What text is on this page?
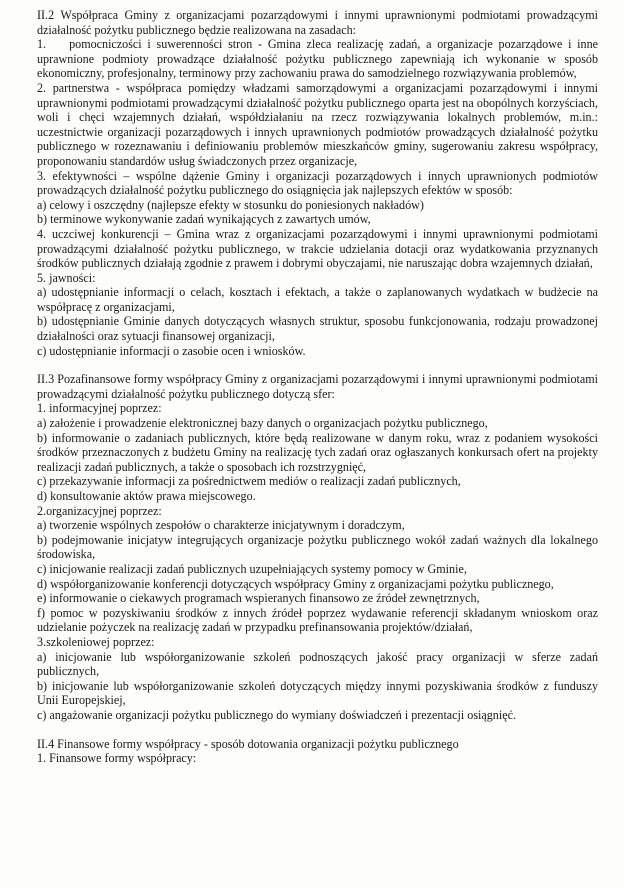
II.2 Współpraca Gminy z organizacjami pozarządowymi i innymi uprawnionymi podmiotami prowadzącymi działalność pożytku publicznego będzie realizowana na zasadach:

1. pomocniczości i suwerenności stron - Gmina zleca realizację zadań, a organizacje pozarządowe i inne uprawnione podmioty prowadzące działalność pożytku publicznego zapewniają ich wykonanie w sposób ekonomiczny, profesjonalny, terminowy przy zachowaniu prawa do samodzielnego rozwiązywania problemów,

2. partnerstwa - współpraca pomiędzy władzami samorządowymi a organizacjami pozarządowymi i innymi uprawnionymi podmiotami prowadzącymi działalność pożytku publicznego oparta jest na obopólnych korzyściach, woli i chęci wzajemnych działań, współdziałaniu na rzecz rozwiązywania lokalnych problemów, m.in.: uczestnictwie organizacji pozarządowych i innych uprawnionych podmiotów prowadzących działalność pożytku publicznego w rozeznawaniu i definiowaniu problemów mieszkańców gminy, sugerowaniu zakresu współpracy, proponowaniu standardów usług świadczonych przez organizacje,

3. efektywności – wspólne dążenie Gminy i organizacji pozarządowych i innych uprawnionych podmiotów prowadzących działalność pożytku publicznego do osiągnięcia jak najlepszych efektów w sposób:

a) celowy i oszczędny (najlepsze efekty w stosunku do poniesionych nakładów)

b) terminowe wykonywanie zadań wynikających z zawartych umów,

4. uczciwej konkurencji – Gmina wraz z organizacjami pozarządowymi i innymi uprawnionymi podmiotami prowadzącymi działalność pożytku publicznego, w trakcie udzielania dotacji oraz wydatkowania przyznanych środków publicznych działają zgodnie z prawem i dobrymi obyczajami, nie naruszając dobra wzajemnych działań,

5. jawności:

a) udostępnianie informacji o celach, kosztach i efektach, a także o zaplanowanych wydatkach w budżecie na współpracę z organizacjami,

b) udostępnianie Gminie danych dotyczących własnych struktur, sposobu funkcjonowania, rodzaju prowadzonej działalności oraz sytuacji finansowej organizacji,

c) udostępnianie informacji o zasobie ocen i wniosków.

II.3 Pozafinansowe formy współpracy Gminy z organizacjami pozarządowymi i innymi uprawnionymi podmiotami prowadzącymi działalność pożytku publicznego dotyczą sfer:

1. informacyjnej poprzez:

a) założenie i prowadzenie elektronicznej bazy danych o organizacjach pożytku publicznego,

b) informowanie o zadaniach publicznych, które będą realizowane w danym roku, wraz z podaniem wysokości środków przeznaczonych z budżetu Gminy na realizację tych zadań oraz ogłaszanych konkursach ofert na projekty realizacji zadań publicznych, a także o sposobach ich rozstrzygnięć,

c) przekazywanie informacji za pośrednictwem mediów o realizacji zadań publicznych,

d) konsultowanie aktów prawa miejscowego.

2.organizacyjnej poprzez:

a) tworzenie wspólnych zespołów o charakterze inicjatywnym i doradczym,

b) podejmowanie inicjatyw integrujących organizacje pożytku publicznego wokół zadań ważnych dla lokalnego środowiska,

c) inicjowanie realizacji zadań publicznych uzupełniających systemy pomocy w Gminie,

d) współorganizowanie konferencji dotyczących współpracy Gminy z organizacjami pożytku publicznego,

e) informowanie o ciekawych programach wspieranych finansowo ze źródeł zewnętrznych,

f) pomoc w pozyskiwaniu środków z innych źródeł poprzez wydawanie referencji składanym wnioskom oraz udzielanie pożyczek na realizację zadań w przypadku prefinansowania projektów/działań,

3.szkoleniowej poprzez:

a) inicjowanie lub współorganizowanie szkoleń podnoszących jakość pracy organizacji w sferze zadań publicznych,

b) inicjowanie lub współorganizowanie szkoleń dotyczących między innymi pozyskiwania środków z funduszy Unii Europejskiej,

c) angażowanie organizacji pożytku publicznego do wymiany doświadczeń i prezentacji osiągnięć.

II.4 Finansowe formy współpracy - sposób dotowania organizacji pożytku publicznego

1. Finansowe formy współpracy:
